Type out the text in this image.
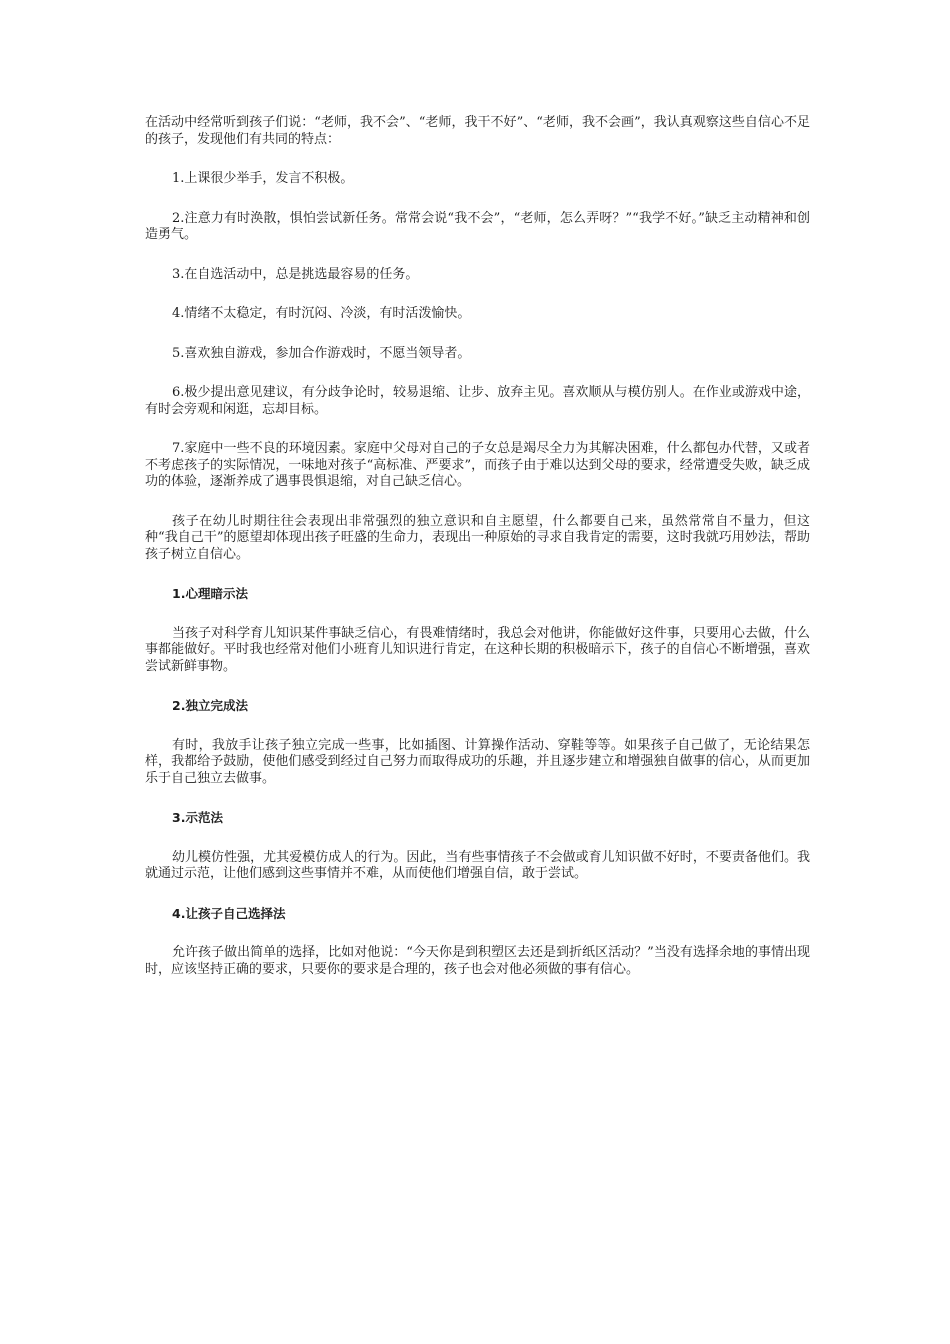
在活动中经常听到孩子们说：“老师，我不会”、“老师，我干不好”、“老师，我不会画”，我认真观察这些自信心不足的孩子，发现他们有共同的特点：

1.上课很少举手，发言不积极。

2.注意力有时涣散，惧怕尝试新任务。常常会说“我不会”，“老师，怎么弄呀？”“我学不好。”缺乏主动精神和创造勇气。

3.在自选活动中，总是挑选最容易的任务。

4.情绪不太稳定，有时沉闷、冷淡，有时活泼愉快。

5.喜欢独自游戏，参加合作游戏时，不愿当领导者。

6.极少提出意见建议，有分歧争论时，较易退缩、让步、放弃主见。喜欢顺从与模仿别人。在作业或游戏中途，有时会旁观和闲逛，忘却目标。

7.家庭中一些不良的环境因素。家庭中父母对自己的子女总是竭尽全力为其解决困难，什么都包办代替，又或者不考虑孩子的实际情况，一味地对孩子“高标准、严要求”，而孩子由于难以达到父母的要求，经常遭受失败，缺乏成功的体验，逐渐养成了遇事畏惧退缩，对自己缺乏信心。

孩子在幼儿时期往往会表现出非常强烈的独立意识和自主愿望，什么都要自己来，虽然常常自不量力，但这种“我自己干”的愿望却体现出孩子旺盛的生命力，表现出一种原始的寻求自我肯定的需要，这时我就巧用妙法，帮助孩子树立自信心。

1.心理暗示法

当孩子对科学育儿知识某件事缺乏信心，有畏难情绪时，我总会对他讲，你能做好这件事，只要用心去做，什么事都能做好。平时我也经常对他们小班育儿知识进行肯定，在这种长期的积极暗示下，孩子的自信心不断增强，喜欢尝试新鲜事物。

2.独立完成法

有时，我放手让孩子独立完成一些事，比如插图、计算操作活动、穿鞋等等。如果孩子自己做了，无论结果怎样，我都给予鼓励，使他们感受到经过自己努力而取得成功的乐趣，并且逐步建立和增强独自做事的信心，从而更加乐于自己独立去做事。

3.示范法

幼儿模仿性强，尤其爱模仿成人的行为。因此，当有些事情孩子不会做或育儿知识做不好时，不要责备他们。我就通过示范，让他们感到这些事情并不难，从而使他们增强自信，敢于尝试。

4.让孩子自己选择法

允许孩子做出简单的选择，比如对他说：“今天你是到积塑区去还是到折纸区活动？”当没有选择余地的事情出现时，应该坚持正确的要求，只要你的要求是合理的，孩子也会对他必须做的事有信心。
